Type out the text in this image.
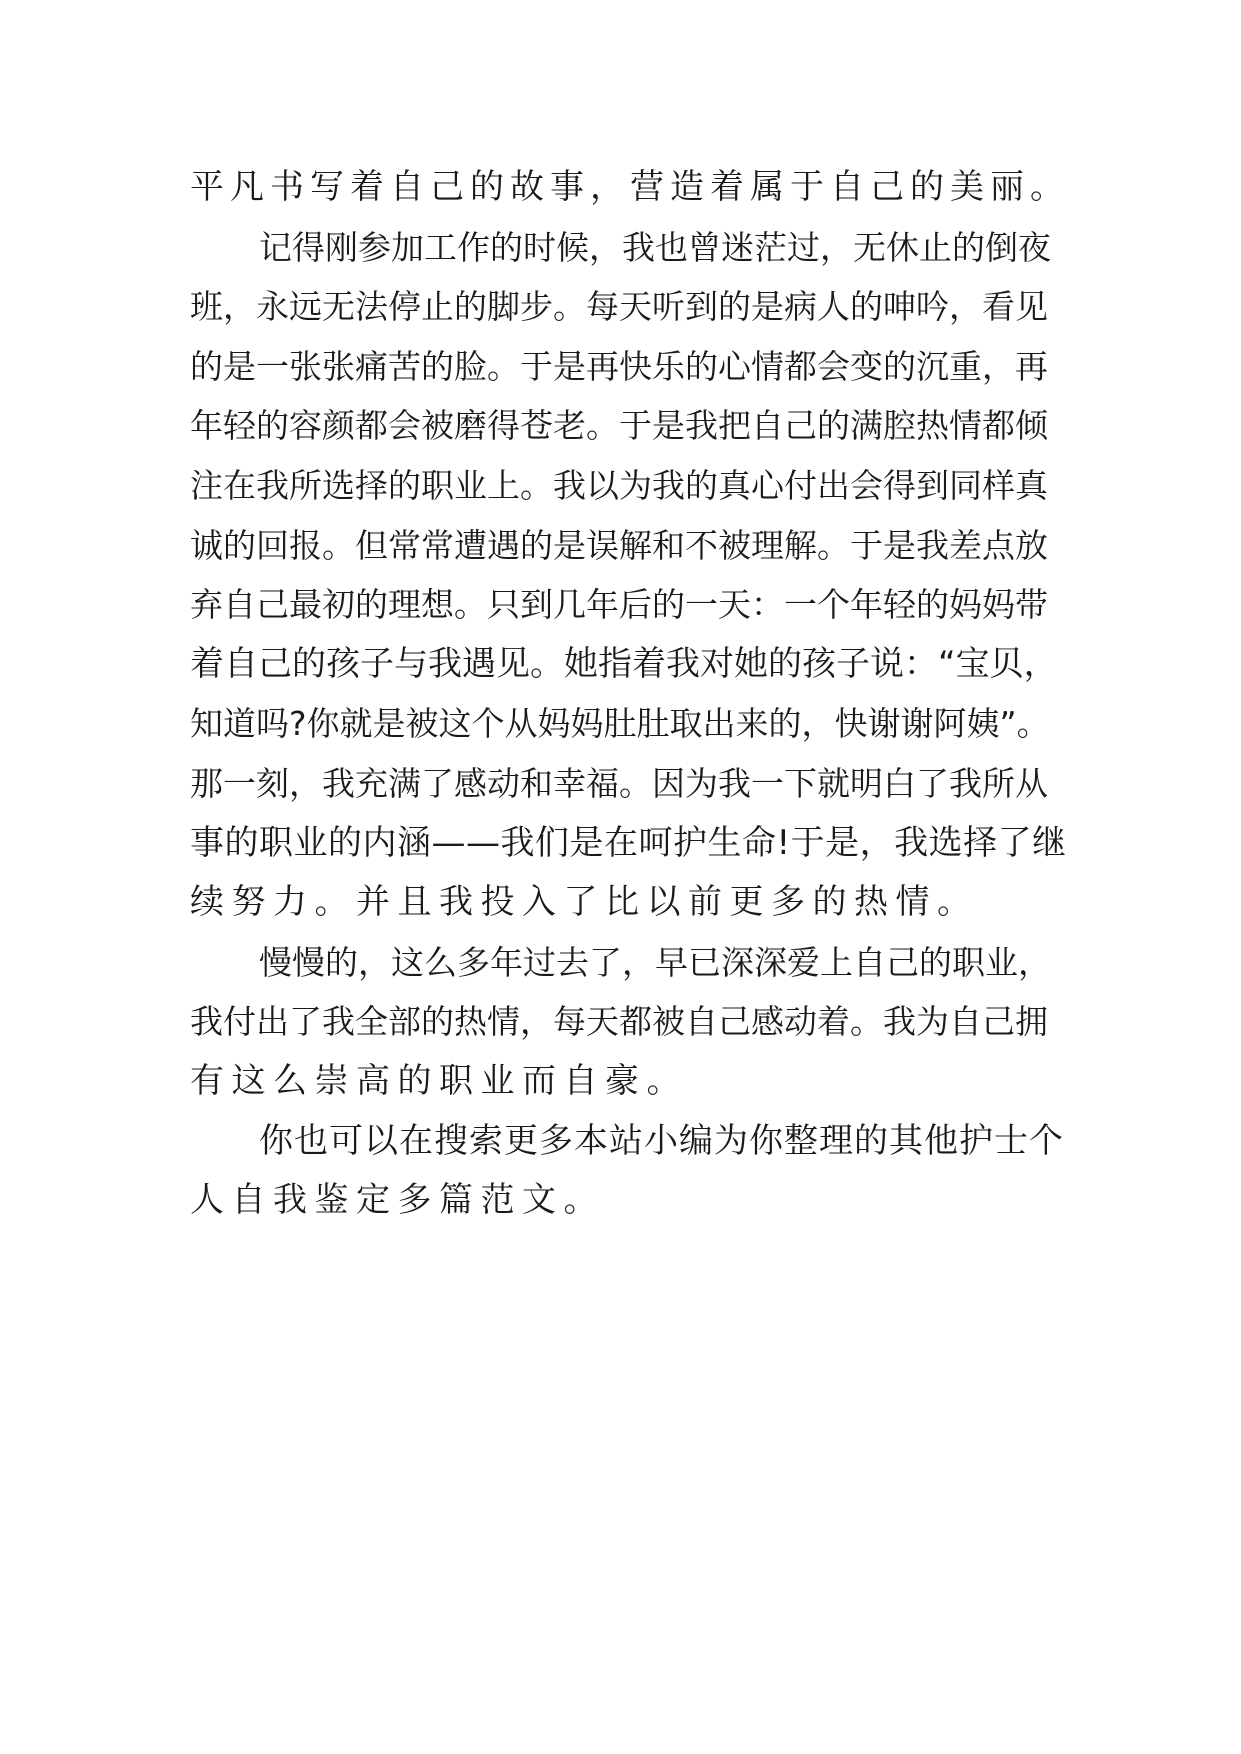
平凡书写着自己的故事，营造着属于自己的美丽。
记得刚参加工作的时候，我也曾迷茫过，无休止的倒夜
班，永远无法停止的脚步。每天听到的是病人的呻吟，看见
的是一张张痛苦的脸。于是再快乐的心情都会变的沉重，再
年轻的容颜都会被磨得苍老。于是我把自己的满腔热情都倾
注在我所选择的职业上。我以为我的真心付出会得到同样真
诚的回报。但常常遭遇的是误解和不被理解。于是我差点放
弃自己最初的理想。只到几年后的一天：一个年轻的妈妈带
着自己的孩子与我遇见。她指着我对她的孩子说：“宝贝，
知道吗?你就是被这个从妈妈肚肚取出来的，快谢谢阿姨”。
那一刻，我充满了感动和幸福。因为我一下就明白了我所从
事的职业的内涵——我们是在呵护生命!于是，我选择了继
续努力。并且我投入了比以前更多的热情。
慢慢的，这么多年过去了，早已深深爱上自己的职业，
我付出了我全部的热情，每天都被自己感动着。我为自己拥
有这么崇高的职业而自豪。
你也可以在搜索更多本站小编为你整理的其他护士个
人自我鉴定多篇范文。
